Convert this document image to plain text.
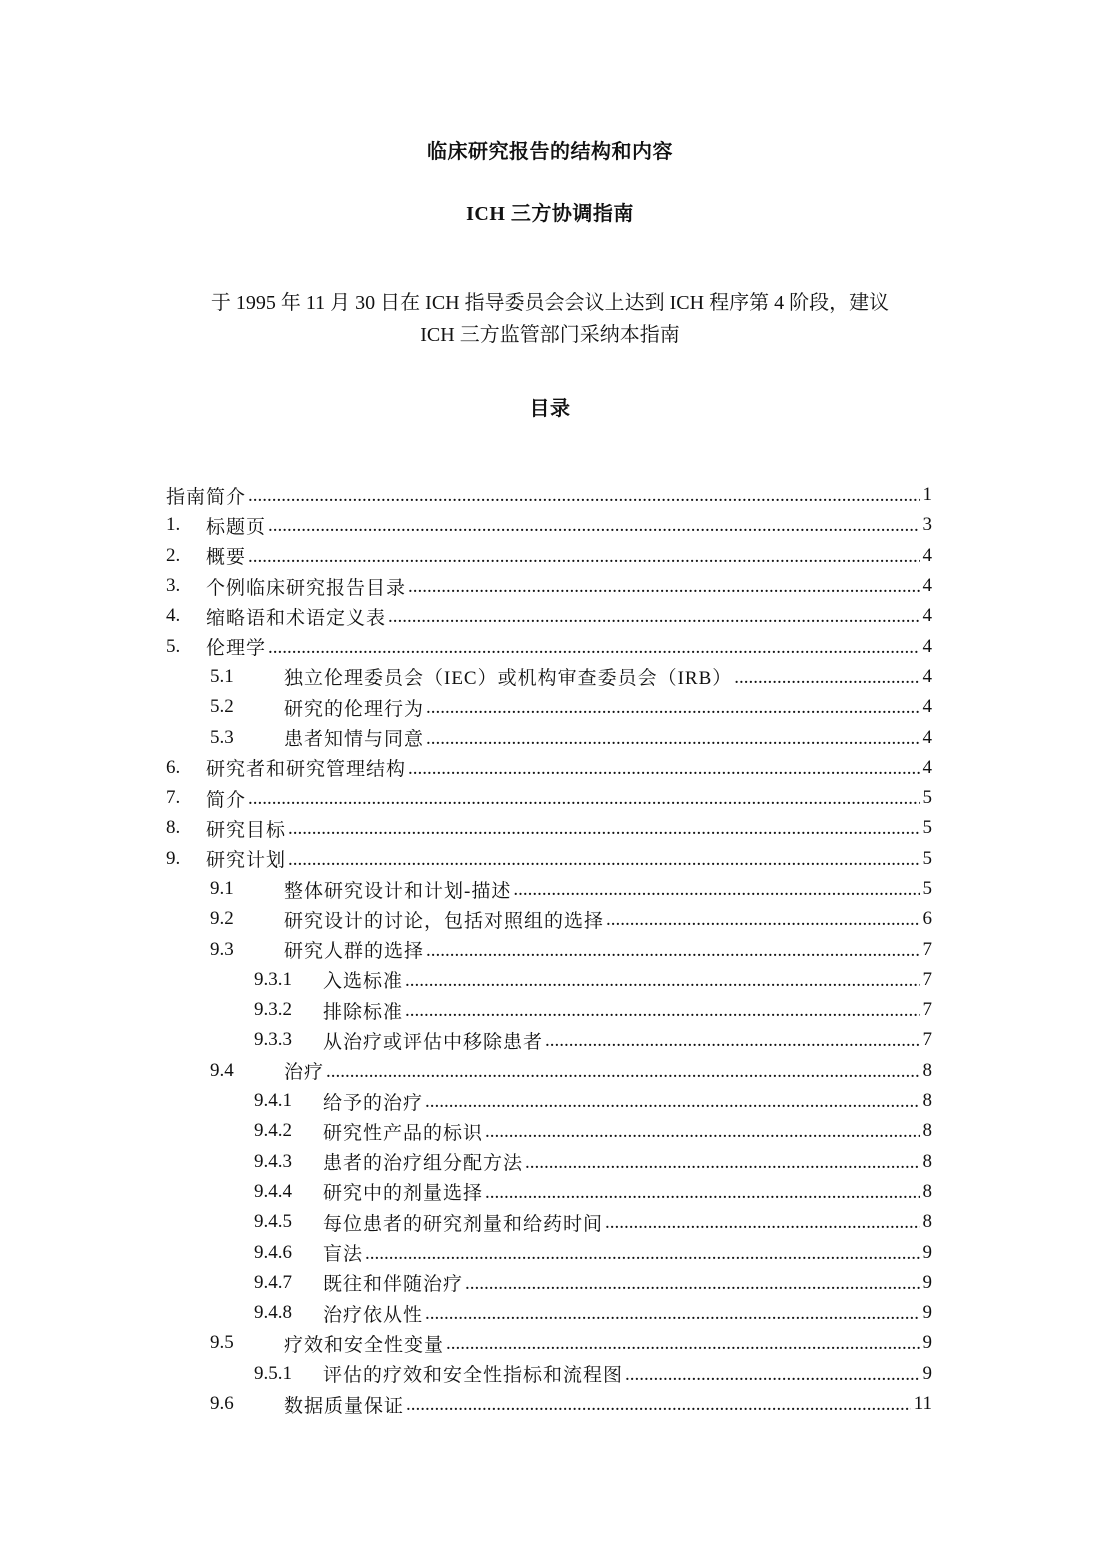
临床研究报告的结构和内容
ICH 三方协调指南
于 1995 年 11 月 30 日在 ICH 指导委员会会议上达到 ICH 程序第 4 阶段，建议
ICH 三方监管部门采纳本指南
目录
指南简介 .....	1
1.	标题页 .....	3
2.	概要 .....	4
3.	个例临床研究报告目录 .....	4
4.	缩略语和术语定义表 .....	4
5.	伦理学 .....	4
5.1	独立伦理委员会（IEC）或机构审查委员会（IRB） .....	4
5.2	研究的伦理行为 .....	4
5.3	患者知情与同意 .....	4
6.	研究者和研究管理结构 .....	4
7.	简介 .....	5
8.	研究目标 .....	5
9.	研究计划 .....	5
9.1	整体研究设计和计划-描述 .....	5
9.2	研究设计的讨论，包括对照组的选择 .....	6
9.3	研究人群的选择 .....	7
9.3.1	入选标准 .....	7
9.3.2	排除标准 .....	7
9.3.3	从治疗或评估中移除患者 .....	7
9.4	治疗 .....	8
9.4.1	给予的治疗 .....	8
9.4.2	研究性产品的标识 .....	8
9.4.3	患者的治疗组分配方法 .....	8
9.4.4	研究中的剂量选择 .....	8
9.4.5	每位患者的研究剂量和给药时间 .....	8
9.4.6	盲法 .....	9
9.4.7	既往和伴随治疗 .....	9
9.4.8	治疗依从性 .....	9
9.5	疗效和安全性变量 .....	9
9.5.1	评估的疗效和安全性指标和流程图 .....	9
9.6	数据质量保证 .....	11
